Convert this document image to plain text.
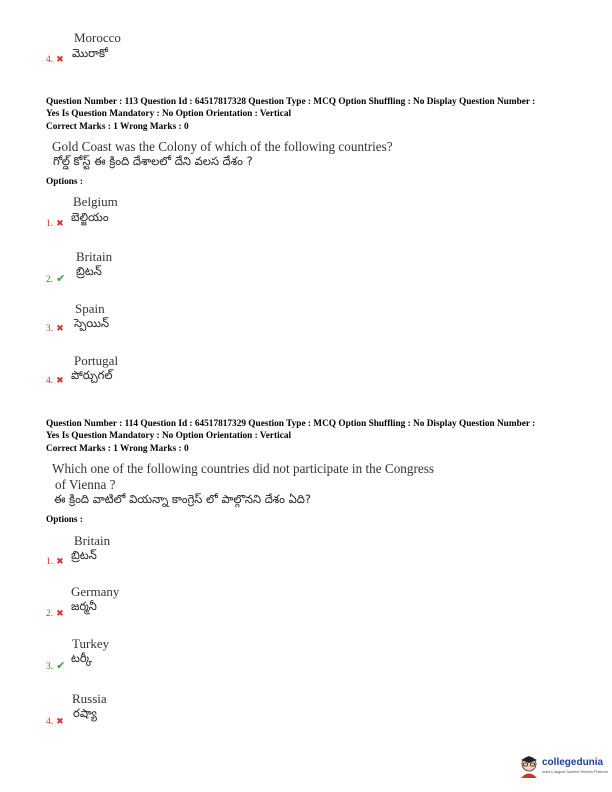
Morocco
మొరాకో
4. ✖
Question Number : 113 Question Id : 64517817328 Question Type : MCQ Option Shuffling : No Display Question Number :
Yes Is Question Mandatory : No Option Orientation : Vertical
Correct Marks : 1 Wrong Marks : 0
Gold Coast was the Colony of which of the following countries?
గోల్డ్ కోస్ట్ ఈ క్రింది దేశాలలో దేని వలస దేశం ?
Options :
Belgium
బెల్జియం
1. ✖
Britain
బ్రిటన్
2. ✔
Spain
స్పెయిన్
3. ✖
Portugal
పోర్చుగల్
4. ✖
Question Number : 114 Question Id : 64517817329 Question Type : MCQ Option Shuffling : No Display Question Number :
Yes Is Question Mandatory : No Option Orientation : Vertical
Correct Marks : 1 Wrong Marks : 0
Which one of the following countries did not participate in the Congress
of Vienna ?
ఈ క్రింది వాటిలో వియన్నా కాంగ్రెస్ లో పాల్గొనని దేశం ఏది?
Options :
Britain
బ్రిటన్
1. ✖
Germany
జర్మనీ
2. ✖
Turkey
టర్కీ
3. ✔
Russia
రష్యా
4. ✖
collegedunia
India's largest Student Review Platform
